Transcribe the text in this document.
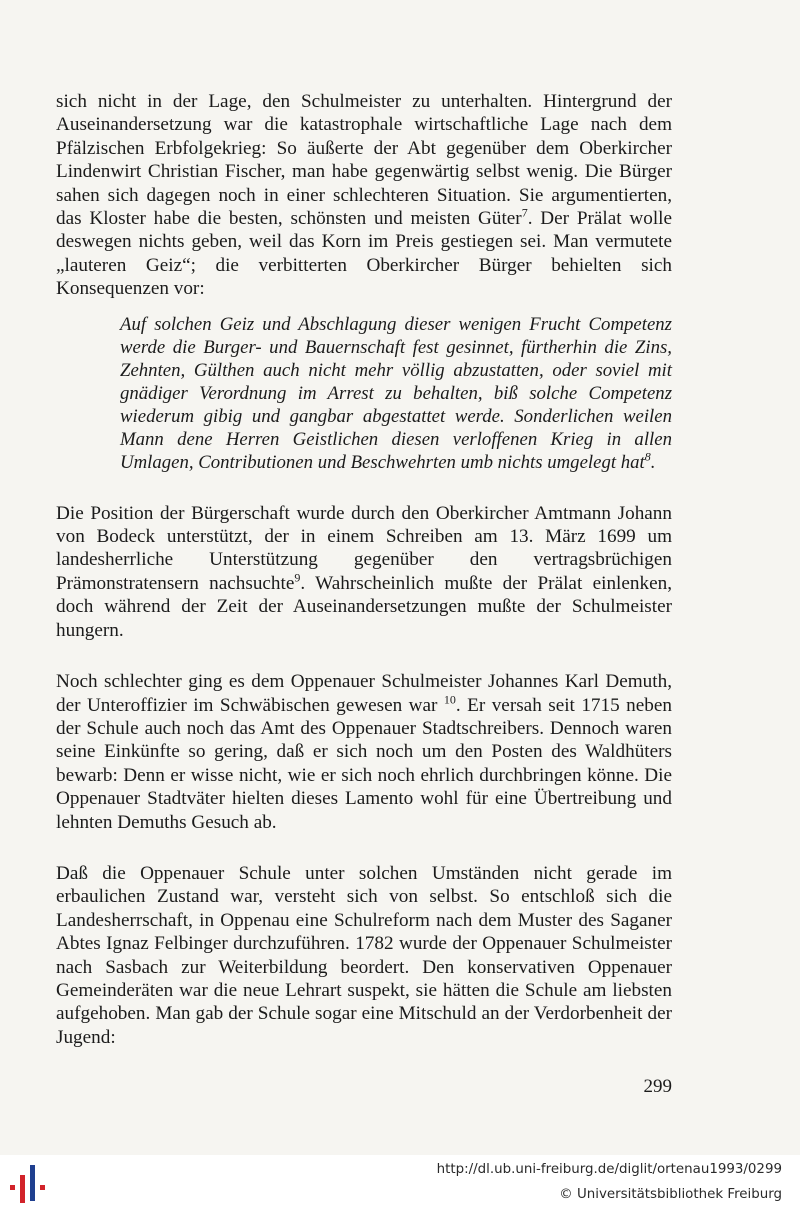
sich nicht in der Lage, den Schulmeister zu unterhalten. Hintergrund der Auseinandersetzung war die katastrophale wirtschaftliche Lage nach dem Pfälzischen Erbfolgekrieg: So äußerte der Abt gegenüber dem Oberkircher Lindenwirt Christian Fischer, man habe gegenwärtig selbst wenig. Die Bürger sahen sich dagegen noch in einer schlechteren Situation. Sie argumentierten, das Kloster habe die besten, schönsten und meisten Güter$^7$. Der Prälat wolle deswegen nichts geben, weil das Korn im Preis gestiegen sei. Man vermutete „lauteren Geiz“; die verbitterten Oberkircher Bürger behielten sich Konsequenzen vor:

Auf solchen Geiz und Abschlagung dieser wenigen Frucht Competenz werde die Burger- und Bauernschaft fest gesinnet, fürtherhin die Zins, Zehnten, Gülthen auch nicht mehr völlig abzustatten, oder soviel mit gnädiger Verordnung im Arrest zu behalten, biß solche Competenz wiederum gibig und gangbar abgestattet werde. Sonderlichen weilen Mann dene Herren Geistlichen diesen verloffenen Krieg in allen Umlagen, Contributionen und Beschwehrten umb nichts umgelegt hat$^8$.

Die Position der Bürgerschaft wurde durch den Oberkircher Amtmann Johann von Bodeck unterstützt, der in einem Schreiben am 13. März 1699 um landesherrliche Unterstützung gegenüber den vertragsbrüchigen Prämonstratensern nachsuchte$^9$. Wahrscheinlich mußte der Prälat einlenken, doch während der Zeit der Auseinandersetzungen mußte der Schulmeister hungern.

Noch schlechter ging es dem Oppenauer Schulmeister Johannes Karl Demuth, der Unteroffizier im Schwäbischen gewesen war $^{10}$. Er versah seit 1715 neben der Schule auch noch das Amt des Oppenauer Stadtschreibers. Dennoch waren seine Einkünfte so gering, daß er sich noch um den Posten des Waldhüters bewarb: Denn er wisse nicht, wie er sich noch ehrlich durchbringen könne. Die Oppenauer Stadtväter hielten dieses Lamento wohl für eine Übertreibung und lehnten Demuths Gesuch ab.

Daß die Oppenauer Schule unter solchen Umständen nicht gerade im erbaulichen Zustand war, versteht sich von selbst. So entschloß sich die Landesherrschaft, in Oppenau eine Schulreform nach dem Muster des Saganer Abtes Ignaz Felbinger durchzuführen. 1782 wurde der Oppenauer Schulmeister nach Sasbach zur Weiterbildung beordert. Den konservativen Oppenauer Gemeinderäten war die neue Lehrart suspekt, sie hätten die Schule am liebsten aufgehoben. Man gab der Schule sogar eine Mitschuld an der Verdorbenheit der Jugend:

299
http://dl.ub.uni-freiburg.de/diglit/ortenau1993/0299
© Universitätsbibliothek Freiburg
